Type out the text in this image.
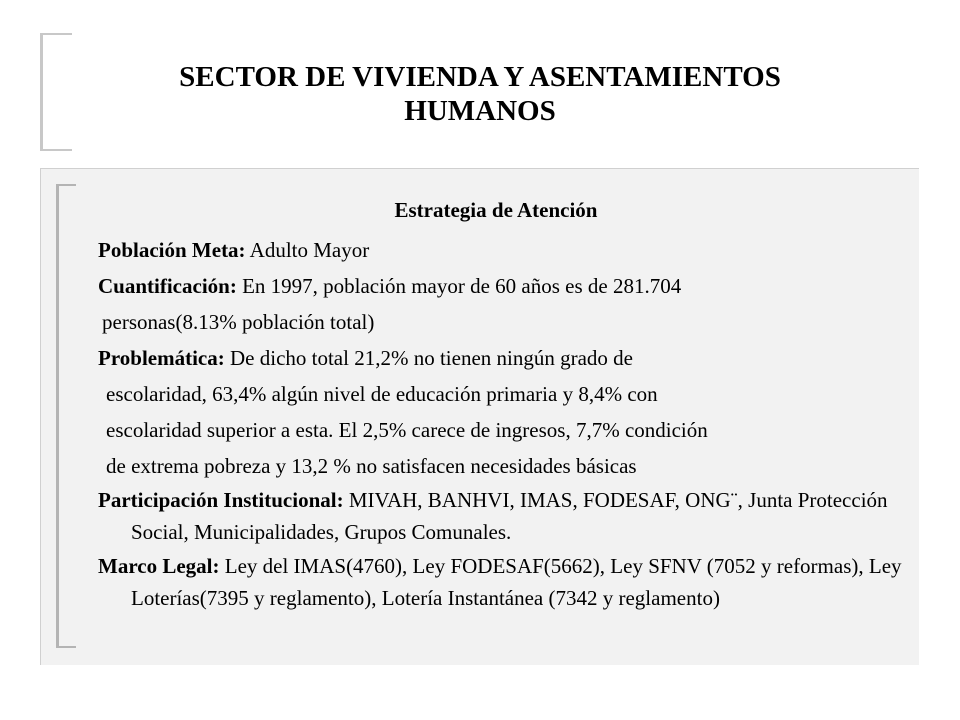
SECTOR DE VIVIENDA Y ASENTAMIENTOS
HUMANOS
Estrategia de Atención
Población Meta: Adulto Mayor
Cuantificación: En 1997, población mayor de 60 años es de 281.704
personas(8.13% población total)
Problemática: De dicho total 21,2% no tienen ningún grado de
escolaridad, 63,4% algún nivel de educación primaria y 8,4% con
escolaridad superior a esta. El 2,5% carece de ingresos, 7,7% condición
de extrema pobreza y 13,2 % no satisfacen necesidades básicas
Participación Institucional: MIVAH, BANHVI, IMAS, FODESAF, ONG¨, Junta Protección Social, Municipalidades, Grupos Comunales.
Marco Legal: Ley del IMAS(4760), Ley FODESAF(5662), Ley SFNV (7052 y reformas), Ley Loterías(7395 y reglamento), Lotería Instantánea (7342 y reglamento)
